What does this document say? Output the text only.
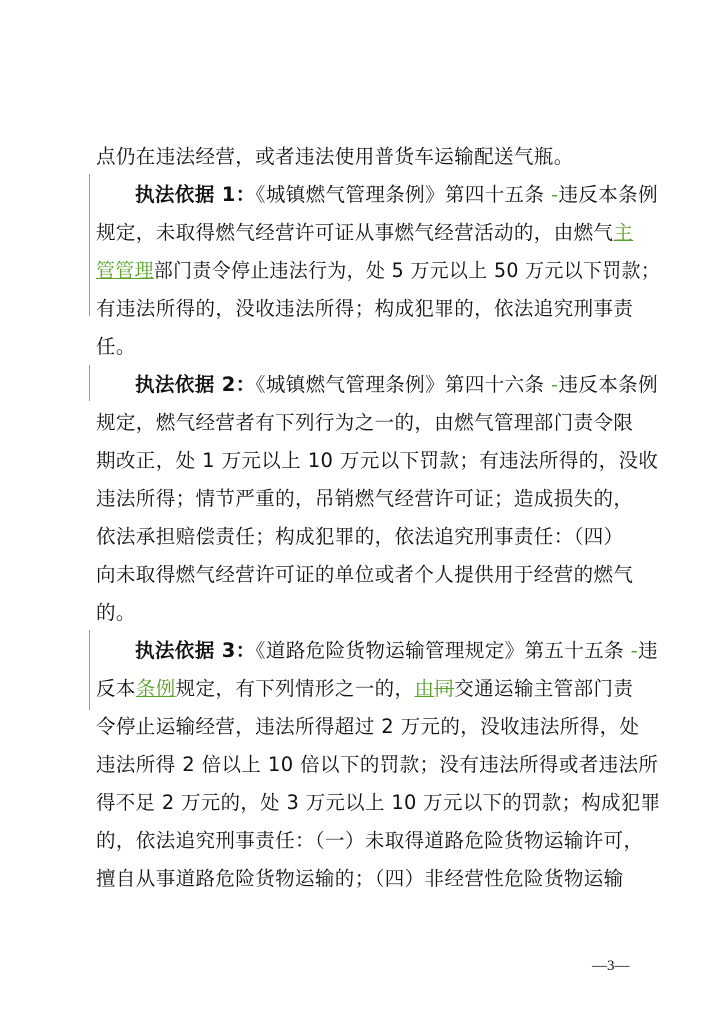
点仍在违法经营，或者违法使用普货车运输配送气瓶。
执法依据 1：《城镇燃气管理条例》第四十五条 -违反本条例
规定，未取得燃气经营许可证从事燃气经营活动的，由燃气主
管管理部门责令停止违法行为，处 5 万元以上 50 万元以下罚款；
有违法所得的，没收违法所得；构成犯罪的，依法追究刑事责
任。
执法依据 2：《城镇燃气管理条例》第四十六条 -违反本条例
规定，燃气经营者有下列行为之一的，由燃气管理部门责令限
期改正，处 1 万元以上 10 万元以下罚款；有违法所得的，没收
违法所得；情节严重的，吊销燃气经营许可证；造成损失的，
依法承担赔偿责任；构成犯罪的，依法追究刑事责任：（四）
向未取得燃气经营许可证的单位或者个人提供用于经营的燃气
的。
执法依据 3：《道路危险货物运输管理规定》第五十五条 -违
反本条例规定，有下列情形之一的，由同交通运输主管部门责
令停止运输经营，违法所得超过 2 万元的，没收违法所得，处
违法所得 2 倍以上 10 倍以下的罚款；没有违法所得或者违法所
得不足 2 万元的，处 3 万元以上 10 万元以下的罚款；构成犯罪
的，依法追究刑事责任：（一）未取得道路危险货物运输许可，
擅自从事道路危险货物运输的；（四）非经营性危险货物运输
—3—
